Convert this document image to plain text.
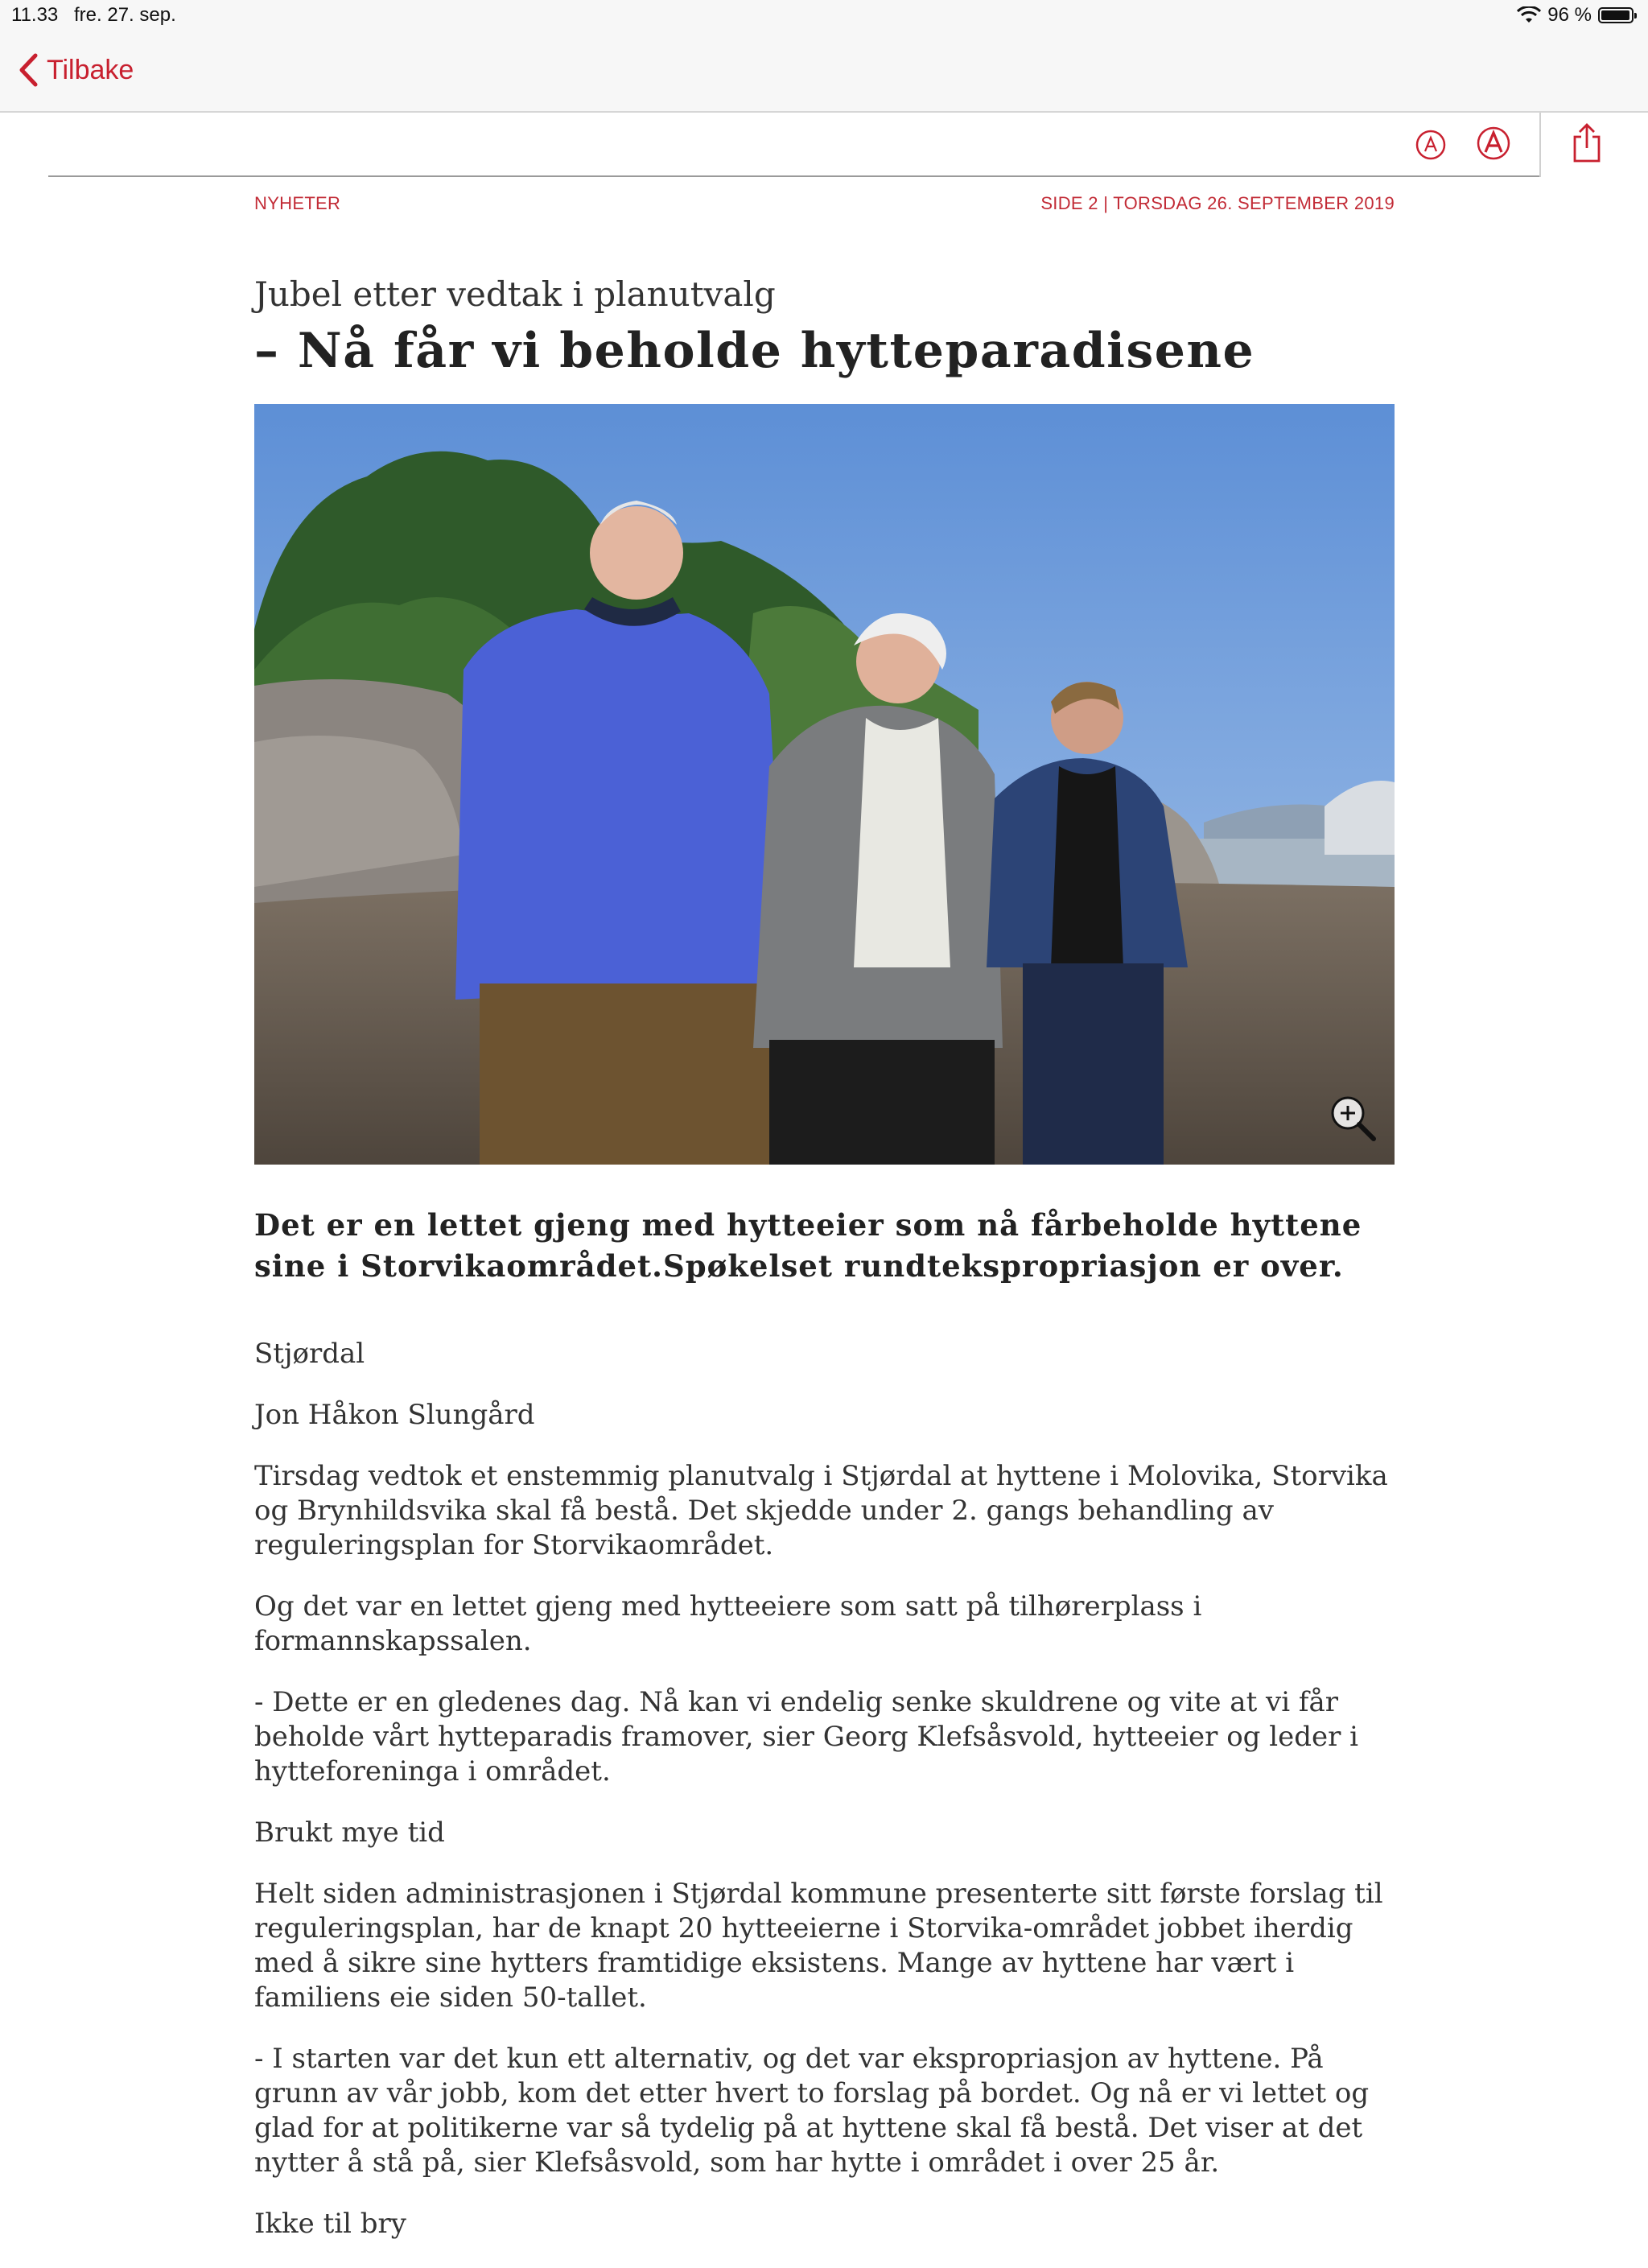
11.33 fre. 27. sep.	96 %
Tilbake
NYHETER	SIDE 2 | TORSDAG 26. SEPTEMBER 2019
Jubel etter vedtak i planutvalg
– Nå får vi beholde hytteparadisene
Det er en lettet gjeng med hytteeier som nå fårbeholde hyttene sine i Storvikaområdet.Spøkelset rundtekspropriasjon er over.

Stjørdal

Jon Håkon Slungård

Tirsdag vedtok et enstemmig planutvalg i Stjørdal at hyttene i Molovika, Storvika og Brynhildsvika skal få bestå. Det skjedde under 2. gangs behandling av reguleringsplan for Storvikaområdet.

Og det var en lettet gjeng med hytteeiere som satt på tilhørerplass i formannskapssalen.

- Dette er en gledenes dag. Nå kan vi endelig senke skuldrene og vite at vi får beholde vårt hytteparadis framover, sier Georg Klefsåsvold, hytteeier og leder i hytteforeninga i området.

Brukt mye tid

Helt siden administrasjonen i Stjørdal kommune presenterte sitt første forslag til reguleringsplan, har de knapt 20 hytteeierne i Storvika-området jobbet iherdig med å sikre sine hytters framtidige eksistens. Mange av hyttene har vært i familiens eie siden 50-tallet.

- I starten var det kun ett alternativ, og det var ekspropriasjon av hyttene. På grunn av vår jobb, kom det etter hvert to forslag på bordet. Og nå er vi lettet og glad for at politikerne var så tydelig på at hyttene skal få bestå. Det viser at det nytter å stå på, sier Klefsåsvold, som har hytte i området i over 25 år.

Ikke til bry
